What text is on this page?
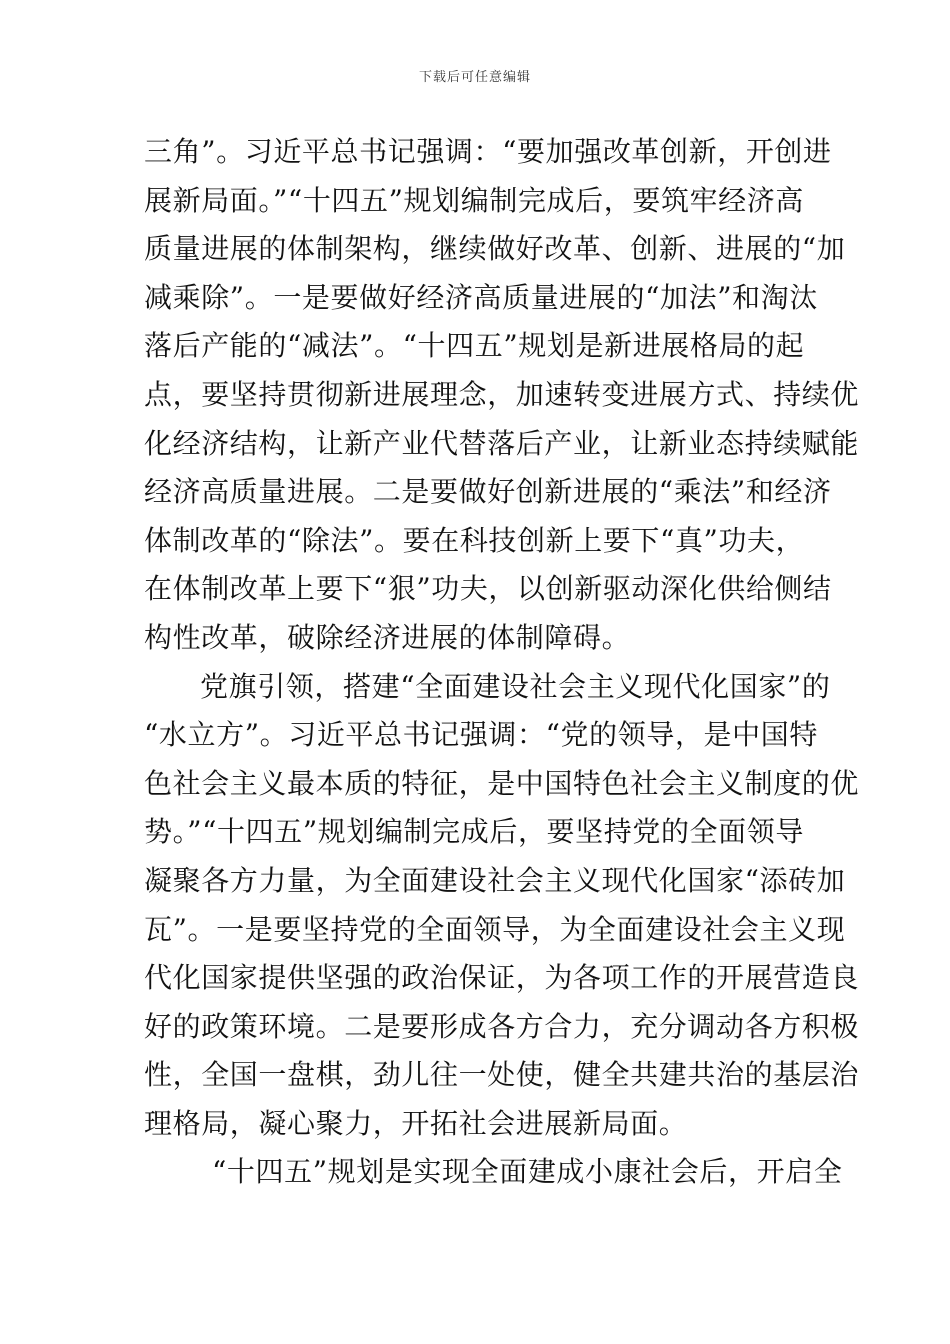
下载后可任意编辑
三角”。习近平总书记强调：“要加强改革创新，开创进
展新局面。”“十四五”规划编制完成后，要筑牢经济高
质量进展的体制架构，继续做好改革、创新、进展的“加
减乘除”。一是要做好经济高质量进展的“加法”和淘汰
落后产能的“减法”。“十四五”规划是新进展格局的起
点，要坚持贯彻新进展理念，加速转变进展方式、持续优
化经济结构，让新产业代替落后产业，让新业态持续赋能
经济高质量进展。二是要做好创新进展的“乘法”和经济
体制改革的“除法”。要在科技创新上要下“真”功夫，
在体制改革上要下“狠”功夫，以创新驱动深化供给侧结
构性改革，破除经济进展的体制障碍。
党旗引领，搭建“全面建设社会主义现代化国家”的
“水立方”。习近平总书记强调：“党的领导，是中国特
色社会主义最本质的特征，是中国特色社会主义制度的优
势。”“十四五”规划编制完成后，要坚持党的全面领导
凝聚各方力量，为全面建设社会主义现代化国家“添砖加
瓦”。一是要坚持党的全面领导，为全面建设社会主义现
代化国家提供坚强的政治保证，为各项工作的开展营造良
好的政策环境。二是要形成各方合力，充分调动各方积极
性，全国一盘棋，劲儿往一处使，健全共建共治的基层治
理格局，凝心聚力，开拓社会进展新局面。
“十四五”规划是实现全面建成小康社会后，开启全
